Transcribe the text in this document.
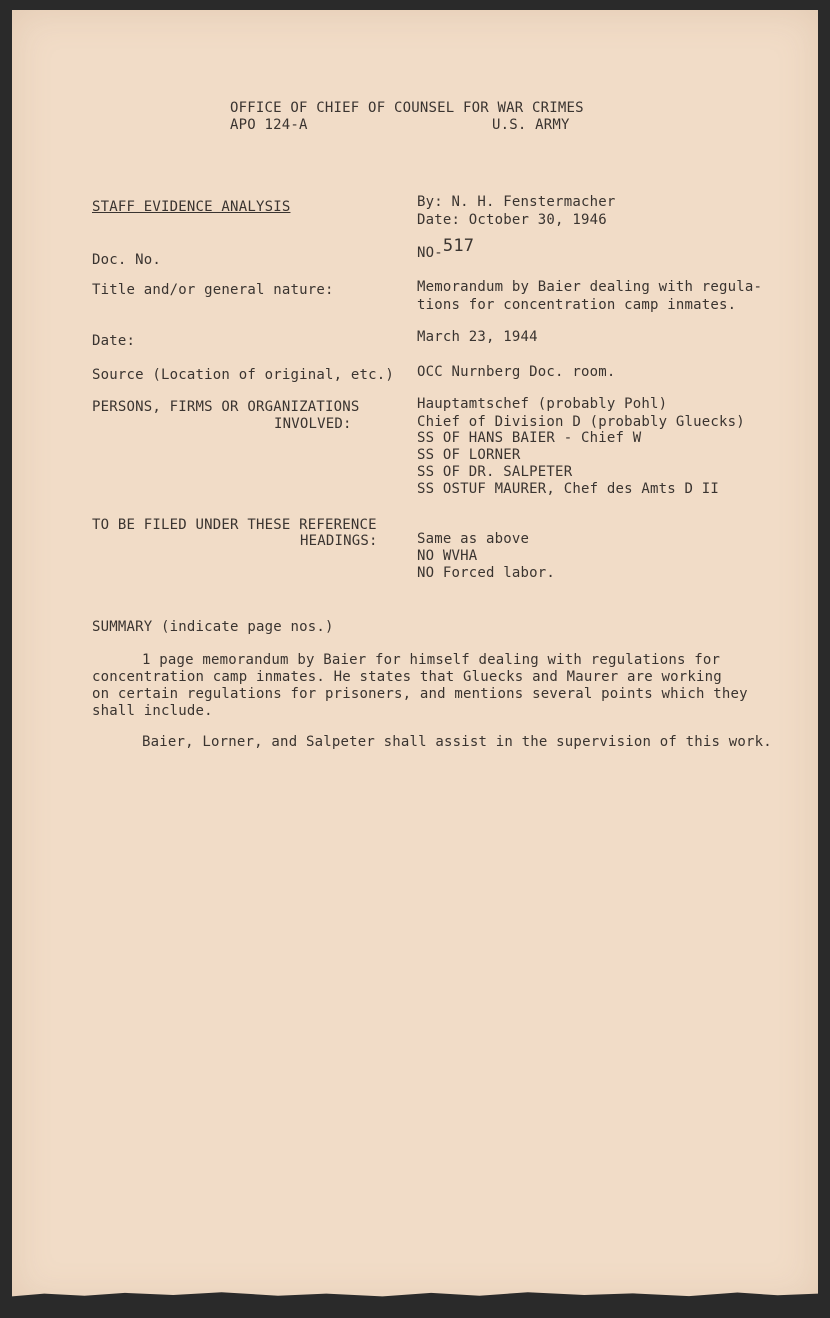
OFFICE OF CHIEF OF COUNSEL FOR WAR CRIMES
APO 124-A	U.S. ARMY
STAFF EVIDENCE ANALYSIS	By: N. H. Fenstermacher
Date: October 30, 1946
Doc. No.	NO-517
Title and/or general nature:	Memorandum by Baier dealing with regula-
tions for concentration camp inmates.
Date:	March 23, 1944
Source (Location of original, etc.) OCC Nurnberg Doc. room.
PERSONS, FIRMS OR ORGANIZATIONS
INVOLVED:
Hauptamtschef (probably Pohl)
Chief of Division D (probably Gluecks)
SS OF HANS BAIER - Chief W
SS OF LORNER
SS OF DR. SALPETER
SS OSTUF MAURER, Chef des Amts D II
TO BE FILED UNDER THESE REFERENCE
HEADINGS:	Same as above
NO WVHA
NO Forced labor.
SUMMARY (indicate page nos.)
1 page memorandum by Baier for himself dealing with regulations for
concentration camp inmates. He states that Gluecks and Maurer are working
on certain regulations for prisoners, and mentions several points which they
shall include.
Baier, Lorner, and Salpeter shall assist in the supervision of this work.
